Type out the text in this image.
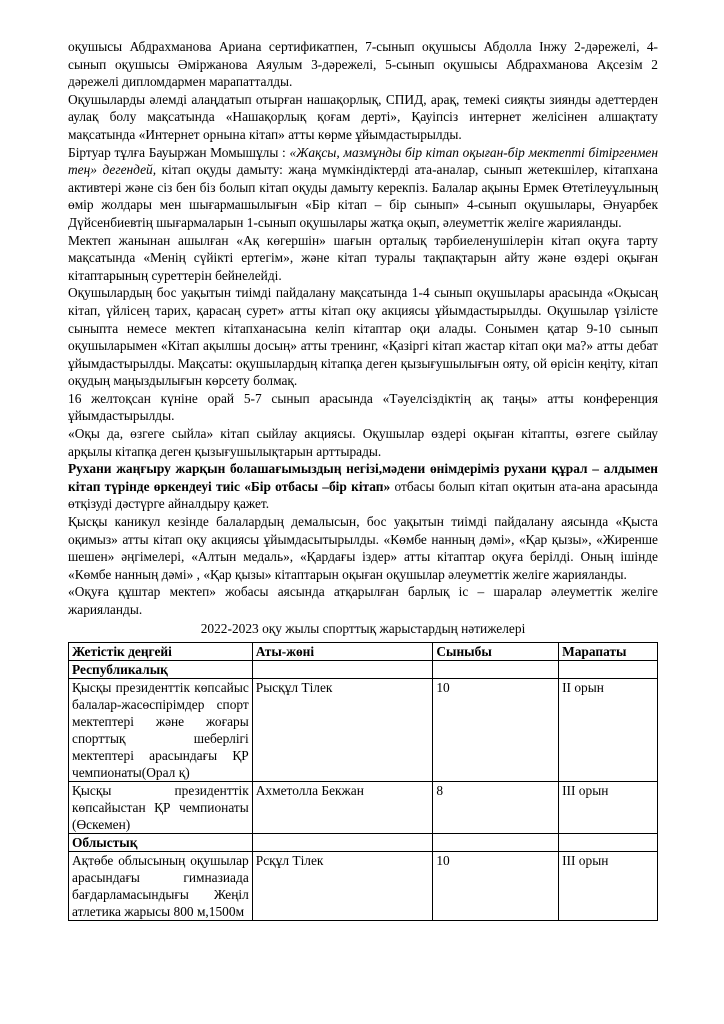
оқушысы Абдрахманова Ариана сертификатпен, 7-сынып оқушысы Абдолла Інжу 2-дәрежелі, 4-сынып оқушысы Әміржанова Аяулым 3-дәрежелі, 5-сынып оқушысы Абдрахманова Ақсезім 2 дәрежелі дипломдармен марапатталды.

Оқушыларды әлемді алаңдатып отырған нашақорлық, СПИД, арақ, темекі сияқты зиянды әдеттерден аулақ болу мақсатында «Нашақорлық қоғам дерті», Қауіпсіз интернет желісінен алшақтату мақсатында «Интернет орнына кітап» атты көрме ұйымдастырылды.

Біртуар тұлға Бауыржан Момышұлы : «Жақсы, мазмұнды бір кітап оқыған-бір мектепті бітіргенмен тең» дегендей, кітап оқуды дамыту: жаңа мүмкіндіктерді ата-аналар, сынып жетекшілер, кітапхана активтері және сіз бен біз болып кітап оқуды дамыту керекпіз. Балалар ақыны Ермек Өтетілеуұлының өмір жолдары мен шығармашылығын «Бір кітап – бір сынып» 4-сынып оқушылары, Әнуарбек Дүйсенбиевтің шығармаларын 1-сынып оқушылары жатқа оқып, әлеуметтік желіге жарияланды.

Мектеп жанынан ашылған «Ақ көгершін» шағын орталық тәрбиеленушілерін кітап оқуға тарту мақсатында «Менің сүйікті ертегім», және кітап туралы тақпақтарын айту және өздері оқыған кітаптарының суреттерін бейнелейді.

Оқушылардың бос уақытын тиімді пайдалану мақсатында 1-4 сынып оқушылары арасында «Оқысаң кітап, үйлісең тарих, қарасаң сурет» атты кітап оқу акциясы ұйымдастырылды. Оқушылар үзілісте сыныпта немесе мектеп кітапханасына келіп кітаптар оқи алады. Сонымен қатар 9-10 сынып оқушыларымен «Кітап ақылшы досың» атты тренинг, «Қазіргі кітап жастар кітап оқи ма?» атты дебат ұйымдастырылды. Мақсаты: оқушылардың кітапқа деген қызығушылығын ояту, ой өрісін кеңіту, кітап оқудың маңыздылығын көрсету болмақ.

16 желтоқсан күніне орай 5-7 сынып арасында «Тәуелсіздіктің ақ таңы» атты конференция ұйымдастырылды.

«Оқы да, өзгеге сыйла» кітап сыйлау акциясы. Оқушылар өздері оқыған кітапты, өзгеге сыйлау арқылы кітапқа деген қызығушылықтарын арттырады.

Рухани жаңғыру жарқын болашағымыздың негізі,мәдени өнімдеріміз рухани құрал – алдымен кітап түрінде өркендеуі тиіс «Бір отбасы –бір кітап» отбасы болып кітап оқитын ата-ана арасында өтқізуді дәстүрге айналдыру қажет.

Қысқы каникул кезінде балалардың демалысын, бос уақытын тиімді пайдалану аясында «Қыста оқимыз» атты кітап оқу акциясы ұйымдасытырылды. «Көмбе нанның дәмі», «Қар қызы», «Жиренше шешен» әңгімелері, «Алтын медаль», «Қардағы іздер» атты кітаптар оқуға берілді. Оның ішінде «Көмбе нанның дәмі» , «Қар қызы» кітаптарын оқыған оқушылар әлеуметтік желіге жарияланды.

«Оқуға құштар мектеп» жобасы аясында атқарылған барлық іс – шаралар әлеуметтік желіге жарияланды.

2022-2023 оқу жылы спорттық жарыстардың нәтижелері
Жетістік деңгейі	Аты-жөні	Сыныбы	Марапаты
Республикалық			
Қысқы президенттік көпсайыс балалар-жасөспірімдер спорт мектептері және жоғары спорттық шеберлігі мектептері арасындағы ҚР чемпионаты(Орал қ)	Рысқұл Тілек	10	II орын
Қысқы президенттік көпсайыстан ҚР чемпионаты (Өскемен)	Ахметолла Бекжан	8	III орын
Облыстық			
Ақтөбе облысының оқушылар арасындағы гимназиада бағдарламасындығы Жеңіл атлетика жарысы 800 м,1500м	Рсқұл Тілек	10	III орын
